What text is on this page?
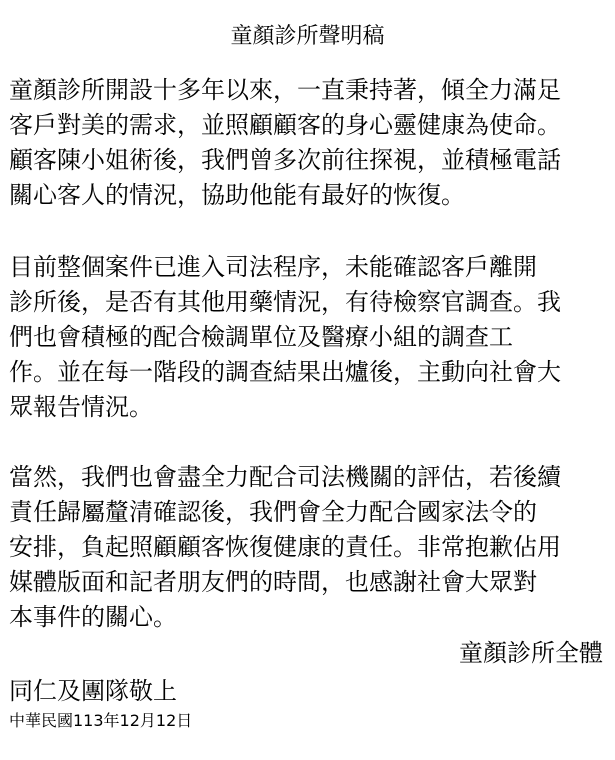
童顏診所聲明稿
童顏診所開設十多年以來，一直秉持著，傾全力滿足
客戶對美的需求，並照顧顧客的身心靈健康為使命。
顧客陳小姐術後，我們曾多次前往探視，並積極電話
關心客人的情況，協助他能有最好的恢復。
目前整個案件已進入司法程序，未能確認客戶離開
診所後，是否有其他用藥情況，有待檢察官調查。我
們也會積極的配合檢調單位及醫療小組的調查工
作。並在每一階段的調查結果出爐後，主動向社會大
眾報告情況。
當然，我們也會盡全力配合司法機關的評估，若後續
責任歸屬釐清確認後，我們會全力配合國家法令的
安排，負起照顧顧客恢復健康的責任。非常抱歉佔用
媒體版面和記者朋友們的時間，也感謝社會大眾對
本事件的關心。
童顏診所全體
同仁及團隊敬上
中華民國113年12月12日
